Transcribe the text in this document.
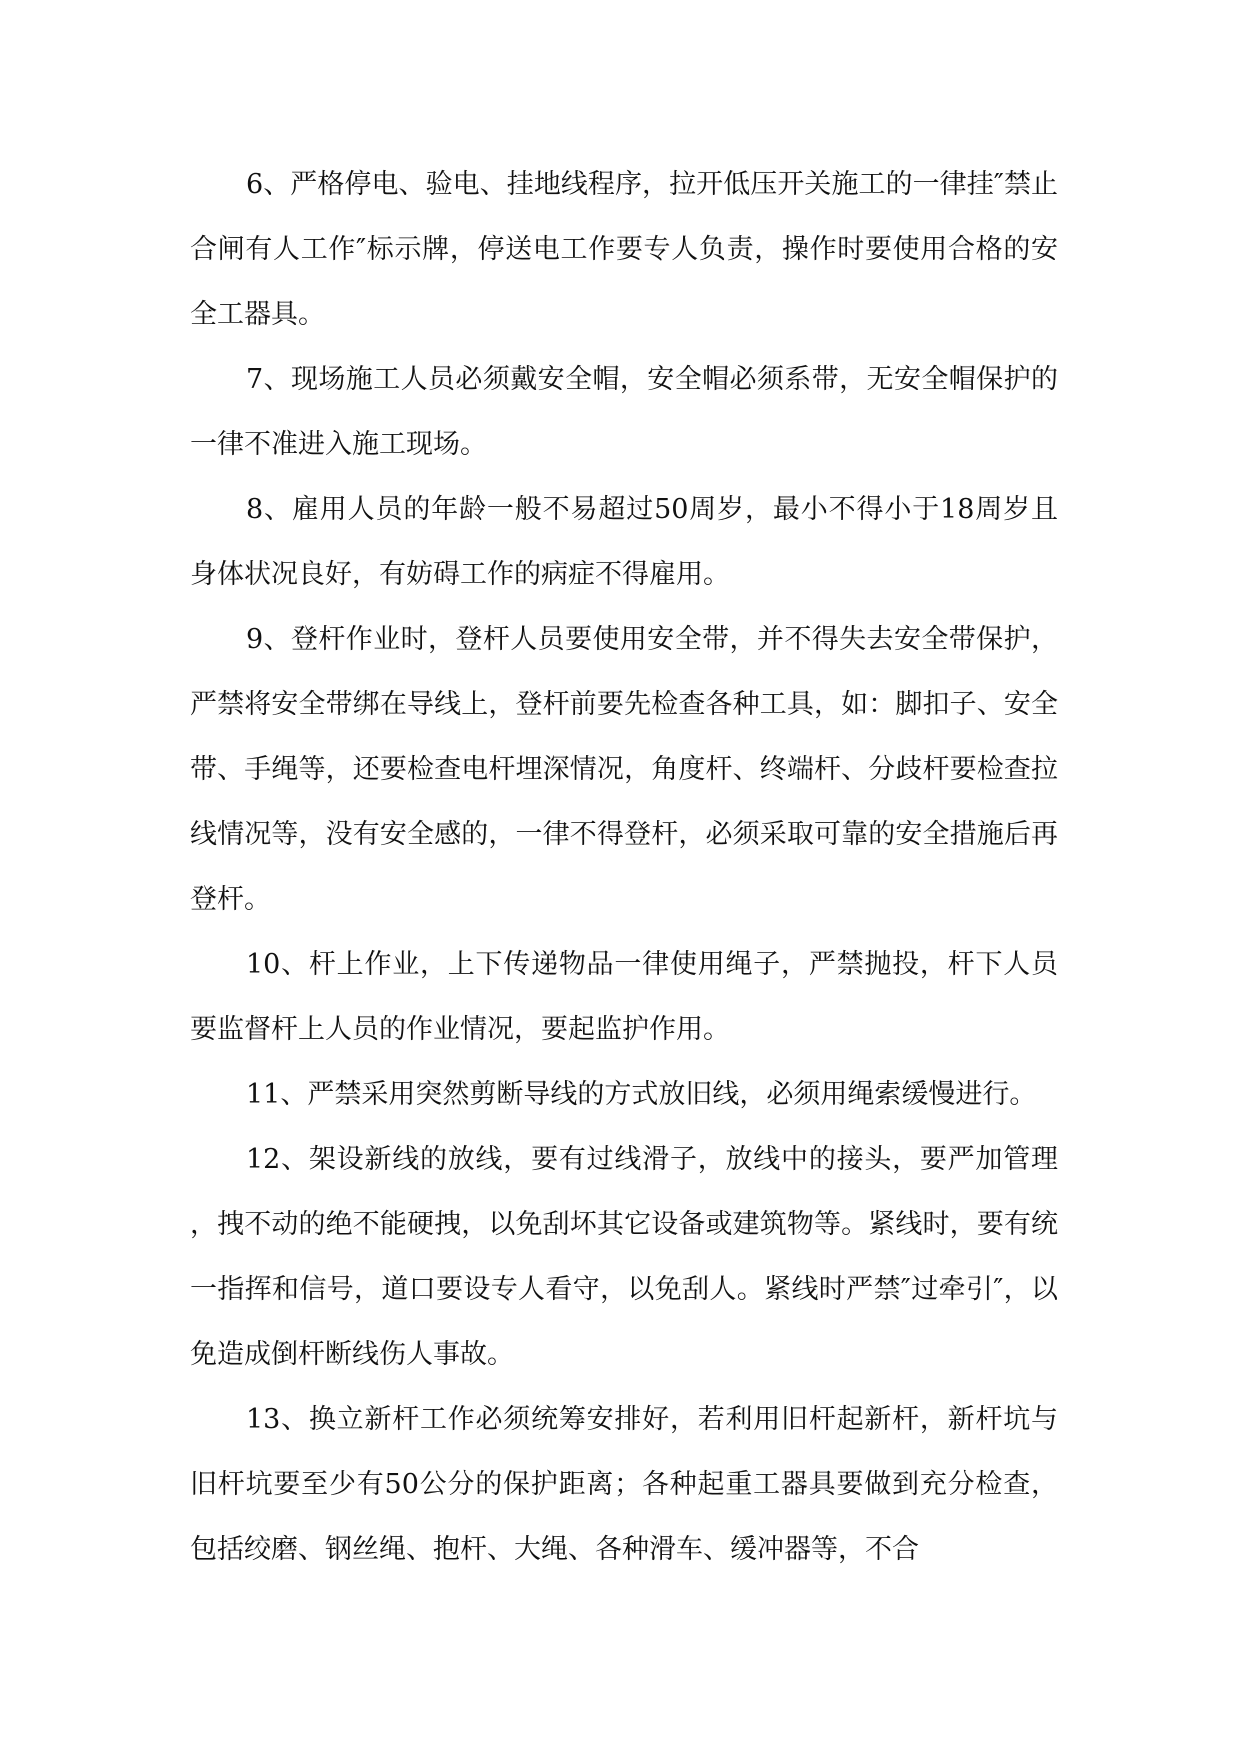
6、严格停电、验电、挂地线程序，拉开低压开关施工的一律挂″禁止合闸有人工作″标示牌，停送电工作要专人负责，操作时要使用合格的安全工器具。

7、现场施工人员必须戴安全帽，安全帽必须系带，无安全帽保护的一律不准进入施工现场。

8、雇用人员的年龄一般不易超过50周岁，最小不得小于18周岁且身体状况良好，有妨碍工作的病症不得雇用。

9、登杆作业时，登杆人员要使用安全带，并不得失去安全带保护，严禁将安全带绑在导线上，登杆前要先检查各种工具，如：脚扣子、安全带、手绳等，还要检查电杆埋深情况，角度杆、终端杆、分歧杆要检查拉线情况等，没有安全感的，一律不得登杆，必须采取可靠的安全措施后再登杆。

10、杆上作业，上下传递物品一律使用绳子，严禁抛投，杆下人员要监督杆上人员的作业情况，要起监护作用。

11、严禁采用突然剪断导线的方式放旧线，必须用绳索缓慢进行。

12、架设新线的放线，要有过线滑子，放线中的接头，要严加管理，拽不动的绝不能硬拽，以免刮坏其它设备或建筑物等。紧线时，要有统一指挥和信号，道口要设专人看守，以免刮人。紧线时严禁″过牵引″，以免造成倒杆断线伤人事故。

13、换立新杆工作必须统筹安排好，若利用旧杆起新杆，新杆坑与旧杆坑要至少有50公分的保护距离；各种起重工器具要做到充分检查，包括绞磨、钢丝绳、抱杆、大绳、各种滑车、缓冲器等，不合
